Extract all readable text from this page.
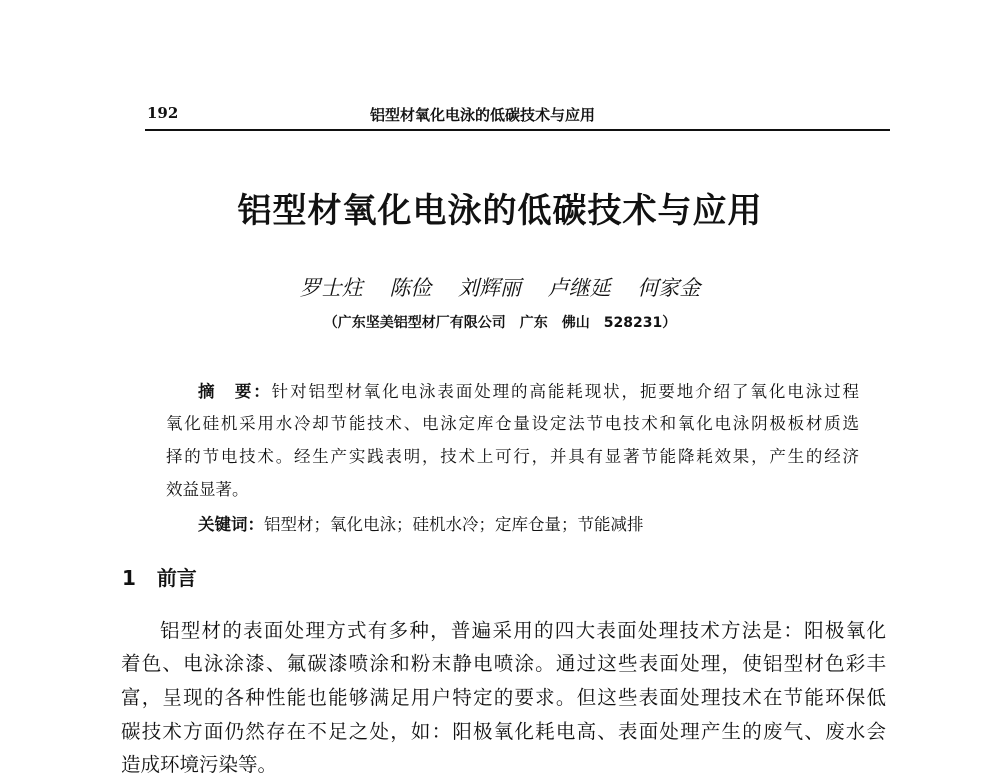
192	铝型材氧化电泳的低碳技术与应用
铝型材氧化电泳的低碳技术与应用
罗士炷 陈俭 刘辉丽 卢继延 何家金
（广东坚美铝型材厂有限公司　广东　佛山　528231）
摘　要：针对铝型材氧化电泳表面处理的高能耗现状，扼要地介绍了氧化电泳过程
氧化硅机采用水冷却节能技术、电泳定库仓量设定法节电技术和氧化电泳阴极板材质选
择的节电技术。经生产实践表明，技术上可行，并具有显著节能降耗效果，产生的经济
效益显著。
关键词：铝型材；氧化电泳；硅机水冷；定库仓量；节能减排
1 前言
铝型材的表面处理方式有多种，普遍采用的四大表面处理技术方法是：阳极氧化
着色、电泳涂漆、氟碳漆喷涂和粉末静电喷涂。通过这些表面处理，使铝型材色彩丰
富，呈现的各种性能也能够满足用户特定的要求。但这些表面处理技术在节能环保低
碳技术方面仍然存在不足之处，如：阳极氧化耗电高、表面处理产生的废气、废水会
造成环境污染等。
